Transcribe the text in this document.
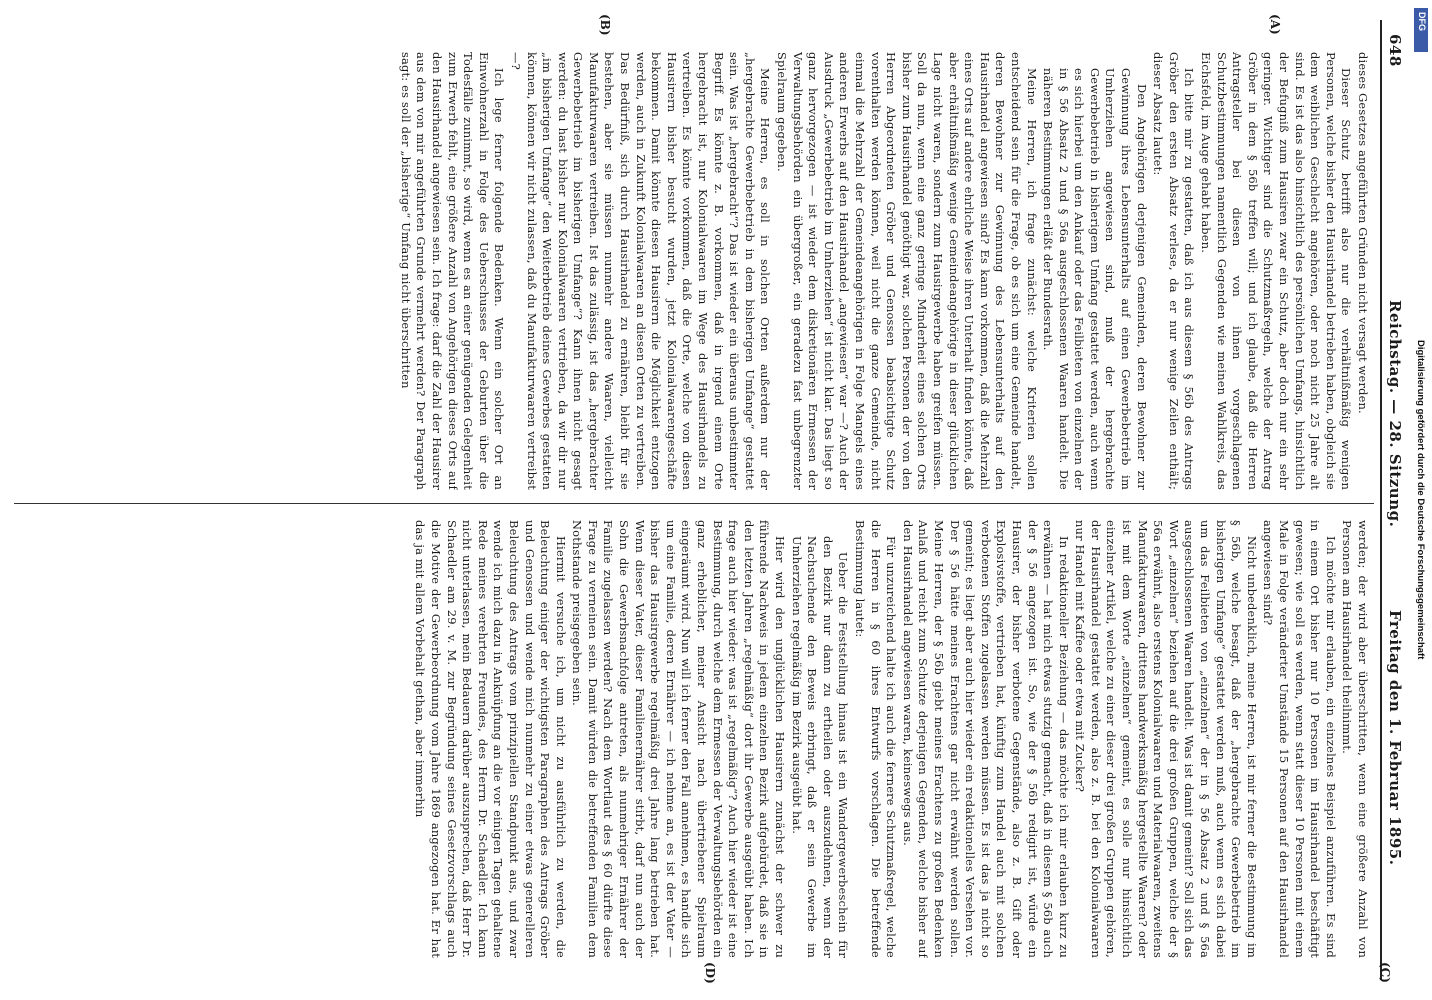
648
Reichstag. — 28. Sitzung.
Freitag den 1. Februar 1895.
(A)
(B)
(C)
(D)

dieses Gesetzes angeführten Gründen nicht versagt werden.

Dieser Schutz betrifft also nur die verhältnißmäßig wenigen Personen, welche bisher den Hausirhandel betrieben haben, obgleich sie dem weiblichen Geschlecht angehören, oder noch nicht 25 Jahre alt sind. Es ist das also hinsichtlich des persönlichen Umfangs, hinsichtlich der Befugniß zum Hausiren zwar ein Schutz, aber doch nur ein sehr geringer. Wichtiger sind die Schutzmaßregeln, welche der Antrag Gröber in dem § 56b treffen will; und ich glaube, daß die Herren Antragsteller bei diesen von ihnen vorgeschlagenen Schutzbestimmungen namentlich Gegenden wie meinen Wahlkreis, das Eichsfeld, im Auge gehabt haben.

Ich bitte mir zu gestatten, daß ich aus diesem § 56b des Antrags Gröber den ersten Absatz verlese, da er nur wenige Zeilen enthält; dieser Absatz lautet:

Den Angehörigen derjenigen Gemeinden, deren Bewohner zur Gewinnung ihres Lebensunterhalts auf einen Gewerbebetrieb im Umherziehen angewiesen sind, muß der hergebrachte Gewerbebetrieb in bisherigem Umfang gestattet werden, auch wenn es sich hierbei um den Ankauf oder das Feilbieten von einzelnen der in § 56 Absatz 2 und § 56a ausgeschlossenen Waaren handelt. Die näheren Bestimmungen erläßt der Bundesrath.

Meine Herren, ich frage zunächst: welche Kriterien sollen entscheidend sein für die Frage, ob es sich um eine Gemeinde handelt, deren Bewohner zur Gewinnung des Lebensunterhalts auf den Hausirhandel angewiesen sind? Es kann vorkommen, daß die Mehrzahl eines Orts auf andere ehrliche Weise ihren Unterhalt finden könnte, daß aber erhältnißmäßig wenige Gemeindeangehörige in dieser glücklichen Lage nicht waren, sondern zum Hausirgewerbe haben greifen müssen. Soll da nun, wenn eine ganz geringe Minderheit eines solchen Orts bisher zum Hausirhandel genöthigt war, solchen Personen der von den Herren Abgeordneten Gröber und Genossen beabsichtigte Schutz vorenthalten werden können, weil nicht die ganze Gemeinde, nicht einmal die Mehrzahl der Gemeindeangehörigen in Folge Mangels eines anderen Erwerbs auf den Hausirhandel „angewiesen“ war —? Auch der Ausdruck „Gewerbebetrieb im Umherziehen“ ist nicht klar. Das liegt so ganz hervorgezogen — ist wieder dem diskretionären Ermessen der Verwaltungsbehörden ein übergroßer, ein geradezu fast unbegrenzter Spielraum gegeben.

Meine Herren, es soll in solchen Orten außerdem nur der „hergebrachte Gewerbebetrieb in dem bisherigen Umfange“ gestattet sein. Was ist „hergebracht“? Das ist wieder ein überaus unbestimmter Begriff. Es könnte z. B. vorkommen, daß in irgend einem Orte hergebracht ist, nur Kolonialwaaren im Wege des Hausirhandels zu vertreiben. Es könnte vorkommen, daß die Orte, welche von diesen Hausirern bisher besucht wurden, jetzt Kolonialwaarengeschäfte bekommen. Damit könnte diesen Hausirern die Möglichkeit entzogen werden, auch in Zukunft Kolonialwaaren an diesen Orten zu vertreiben. Das Bedürfniß, sich durch Hausirhandel zu ernähren, bleibt für sie bestehen, aber sie müssen nunmehr andere Waaren, vielleicht Manufakturwaaren vertreiben. Ist das zulässig, ist das „hergebrachter Gewerbebetrieb im bisherigen Umfange“? Kann ihnen nicht gesagt werden: du hast bisher nur Kolonialwaaren vertrieben, da wir dir nur „im bisherigen Umfange“ den Weiterbetrieb deines Gewerbes gestatten können, können wir nicht zulassen, daß du Manufakturwaaren vertreibst —?

Ich lege ferner folgende Bedenken. Wenn ein solcher Ort an Einwohnerzahl in Folge des Ueberschusses der Geburten über die Todesfälle zunimmt, so wird, wenn es an einer genügenden Gelegenheit zum Erwerb fehlt, eine größere Anzahl von Angehörigen dieses Orts auf den Hausirhandel angewiesen sein. Ich frage: darf die Zahl der Hausirer aus dem von mir angeführten Grunde vermehrt werden? Der Paragraph sagt: es soll der „bisherige“ Umfang nicht überschritten

werden; der wird aber überschritten, wenn eine größere Anzahl von Personen am Hausirhandel theilnimmt.

Ich möchte mir erlauben, ein einzelnes Beispiel anzuführen. Es sind in einem Ort bisher nur 10 Personen im Hausirhandel beschäftigt gewesen; wie soll es werden, wenn statt dieser 10 Personen mit einem Male in Folge veränderter Umstände 15 Personen auf den Hausirhandel angewiesen sind?

Nicht unbedenklich, meine Herren, ist mir ferner die Bestimmung im § 56b, welche besagt, daß der „hergebrachte Gewerbebetrieb im bisherigen Umfange“ gestattet werden muß, auch wenn es sich dabei um das Feilbieten von „einzelnen“ der in § 56 Absatz 2 und § 56a ausgeschlossenen Waaren handelt. Was ist damit gemeint? Soll sich das Wort „einzelnen“ beziehen auf die drei großen Gruppen, welche der § 56a erwähnt, also erstens Kolonialwaaren und Materialwaaren, zweitens Manufakturwaaren, drittens handwerksmäßig hergestellte Waaren? oder ist mit dem Worte „einzelnen“ gemeint, es solle nur hinsichtlich einzelner Artikel, welche zu einer dieser drei großen Gruppen gehören, der Hausirhandel gestattet werden, also z. B. bei den Kolonialwaaren nur Handel mit Kaffee oder etwa mit Zucker?

In redaktioneller Beziehung — das möchte ich mir erlauben kurz zu erwähnen — hat mich etwas stutzig gemacht, daß in diesem § 56b auch der § 56 angezogen ist. So, wie der § 56b redigirt ist, würde ein Hausirer, der bisher verbotene Gegenstände, also z. B. Gift oder Explosivstoffe, vertrieben hat, künftig zum Handel auch mit solchen verbotenen Stoffen zugelassen werden müssen. Es ist das ja nicht so gemeint; es liegt aber auch hier wieder ein redaktionelles Versehen vor. Der § 56 hätte meines Erachtens gar nicht erwähnt werden sollen. Meine Herren, der § 56b giebt meines Erachtens zu großen Bedenken Anlaß und reicht zum Schutze derjenigen Gegenden, welche bisher auf den Hausirhandel angewiesen waren, keineswegs aus.

Für unzureichend halte ich auch die fernere Schutzmaßregel, welche die Herren in § 60 ihres Entwurfs vorschlagen. Die betreffende Bestimmung lautet:

Ueber die Feststellung hinaus ist ein Wandergewerbeschein für den Bezirk nur dann zu ertheilen oder auszudehnen, wenn der Nachsuchende den Beweis erbringt, daß er sein Gewerbe im Umherziehen regelmäßig im Bezirk ausgeübt hat.

Hier wird den unglücklichen Hausirern zunächst der schwer zu führende Nachweis in jedem einzelnen Bezirk aufgebürdet, daß sie in den letzten Jahren „regelmäßig“ dort ihr Gewerbe ausgeübt haben. Ich frage auch hier wieder: was ist „regelmäßig“? Auch hier wieder ist eine Bestimmung, durch welche dem Ermessen der Verwaltungsbehörden ein ganz erheblicher, meiner Ansicht nach übertriebener Spielraum eingeräumt wird. Nun will ich ferner den Fall annehmen, es handle sich um eine Familie, deren Ernährer — ich nehme an, es ist der Vater — bisher das Hausirgewerbe regelmäßig drei Jahre lang betrieben hat. Wenn dieser Vater, dieser Familienernährer stirbt, darf nun auch der Sohn die Gewerbsnachfolge antreten, als nunmehriger Ernährer der Familie zugelassen werden? Nach dem Wortlaut des § 60 dürfte diese Frage zu verneinen sein. Damit würden die betreffenden Familien dem Nothstande preisgegeben sein.

Hiermit versuche ich, um nicht zu ausführlich zu werden, die Beleuchtung einiger der wichtigsten Paragraphen des Antrags Gröber und Genossen und wende mich nunmehr zu einer etwas generelleren Beleuchtung des Antrags vom prinzipiellen Standpunkt aus, und zwar wende ich mich dazu in Anknüpfung an die vor einigen Tagen gehaltene Rede meines verehrten Freundes, des Herrn Dr. Schaedler. Ich kann nicht unterlassen, mein Bedauern darüber auszusprechen, daß Herr Dr. Schaedler am 29. v. M. zur Begründung seines Gesetzvorschlags auch die Motive der Gewerbeordnung vom Jahre 1869 angezogen hat. Er hat das ja mit allem Vorbehalt gethan, aber immerhin

DFG
Digitalisierung gefördert durch die Deutsche Forschungsgemeinschaft
